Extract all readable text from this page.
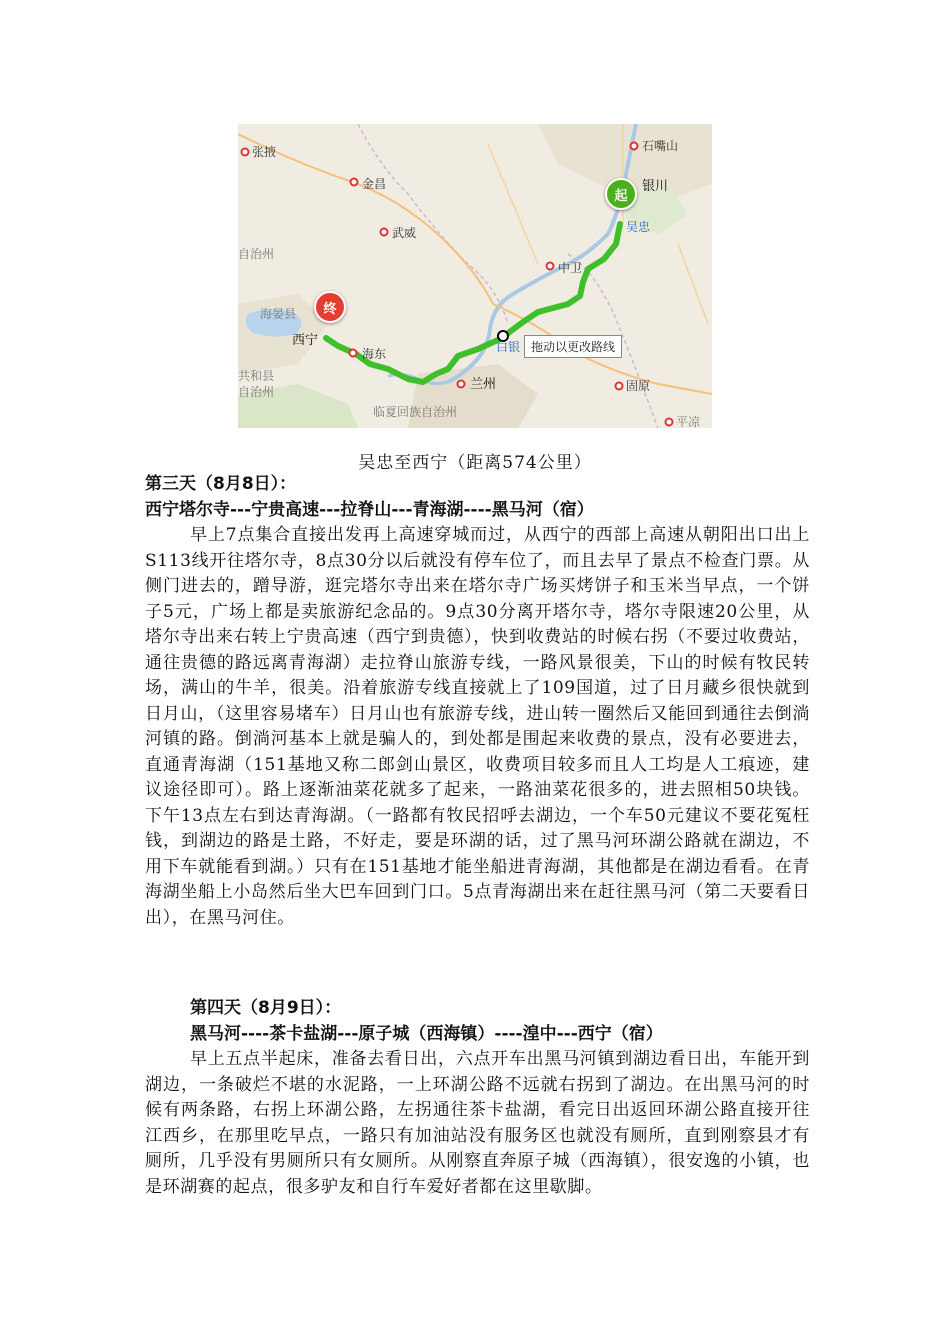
张掖
金昌
武威
自治州
海晏县
西宁
海东
共和县
自治州
临夏回族自治州
兰州
白银
中卫
固原
平凉
石嘴山
银川
吴忠
起
终
拖动以更改路线
吴忠至西宁（距离574公里）

第三天（8月8日）：

西宁塔尔寺---宁贵高速---拉脊山---青海湖----黑马河（宿）

早上7点集合直接出发再上高速穿城而过，从西宁的西部上高速从朝阳出口出上S113线开往塔尔寺，8点30分以后就没有停车位了，而且去早了景点不检查门票。从侧门进去的，蹭导游，逛完塔尔寺出来在塔尔寺广场买烤饼子和玉米当早点，一个饼子5元，广场上都是卖旅游纪念品的。9点30分离开塔尔寺，塔尔寺限速20公里，从塔尔寺出来右转上宁贵高速（西宁到贵德），快到收费站的时候右拐（不要过收费站，通往贵德的路远离青海湖）走拉脊山旅游专线，一路风景很美，下山的时候有牧民转场，满山的牛羊，很美。沿着旅游专线直接就上了109国道，过了日月藏乡很快就到日月山，（这里容易堵车）日月山也有旅游专线，进山转一圈然后又能回到通往去倒淌河镇的路。倒淌河基本上就是骗人的，到处都是围起来收费的景点，没有必要进去，直通青海湖（151基地又称二郎剑山景区，收费项目较多而且人工均是人工痕迹，建议途径即可）。路上逐渐油菜花就多了起来，一路油菜花很多的，进去照相50块钱。下午13点左右到达青海湖。（一路都有牧民招呼去湖边，一个车50元建议不要花冤枉钱，到湖边的路是土路，不好走，要是环湖的话，过了黑马河环湖公路就在湖边，不用下车就能看到湖。）只有在151基地才能坐船进青海湖，其他都是在湖边看看。在青海湖坐船上小岛然后坐大巴车回到门口。5点青海湖出来在赶往黑马河（第二天要看日出），在黑马河住。

第四天（8月9日）：

黑马河----茶卡盐湖---原子城（西海镇）----湟中---西宁（宿）

早上五点半起床，准备去看日出，六点开车出黑马河镇到湖边看日出，车能开到湖边，一条破烂不堪的水泥路，一上环湖公路不远就右拐到了湖边。在出黑马河的时候有两条路，右拐上环湖公路，左拐通往茶卡盐湖，看完日出返回环湖公路直接开往江西乡，在那里吃早点，一路只有加油站没有服务区也就没有厕所，直到刚察县才有厕所，几乎没有男厕所只有女厕所。从刚察直奔原子城（西海镇），很安逸的小镇，也是环湖赛的起点，很多驴友和自行车爱好者都在这里歇脚。
